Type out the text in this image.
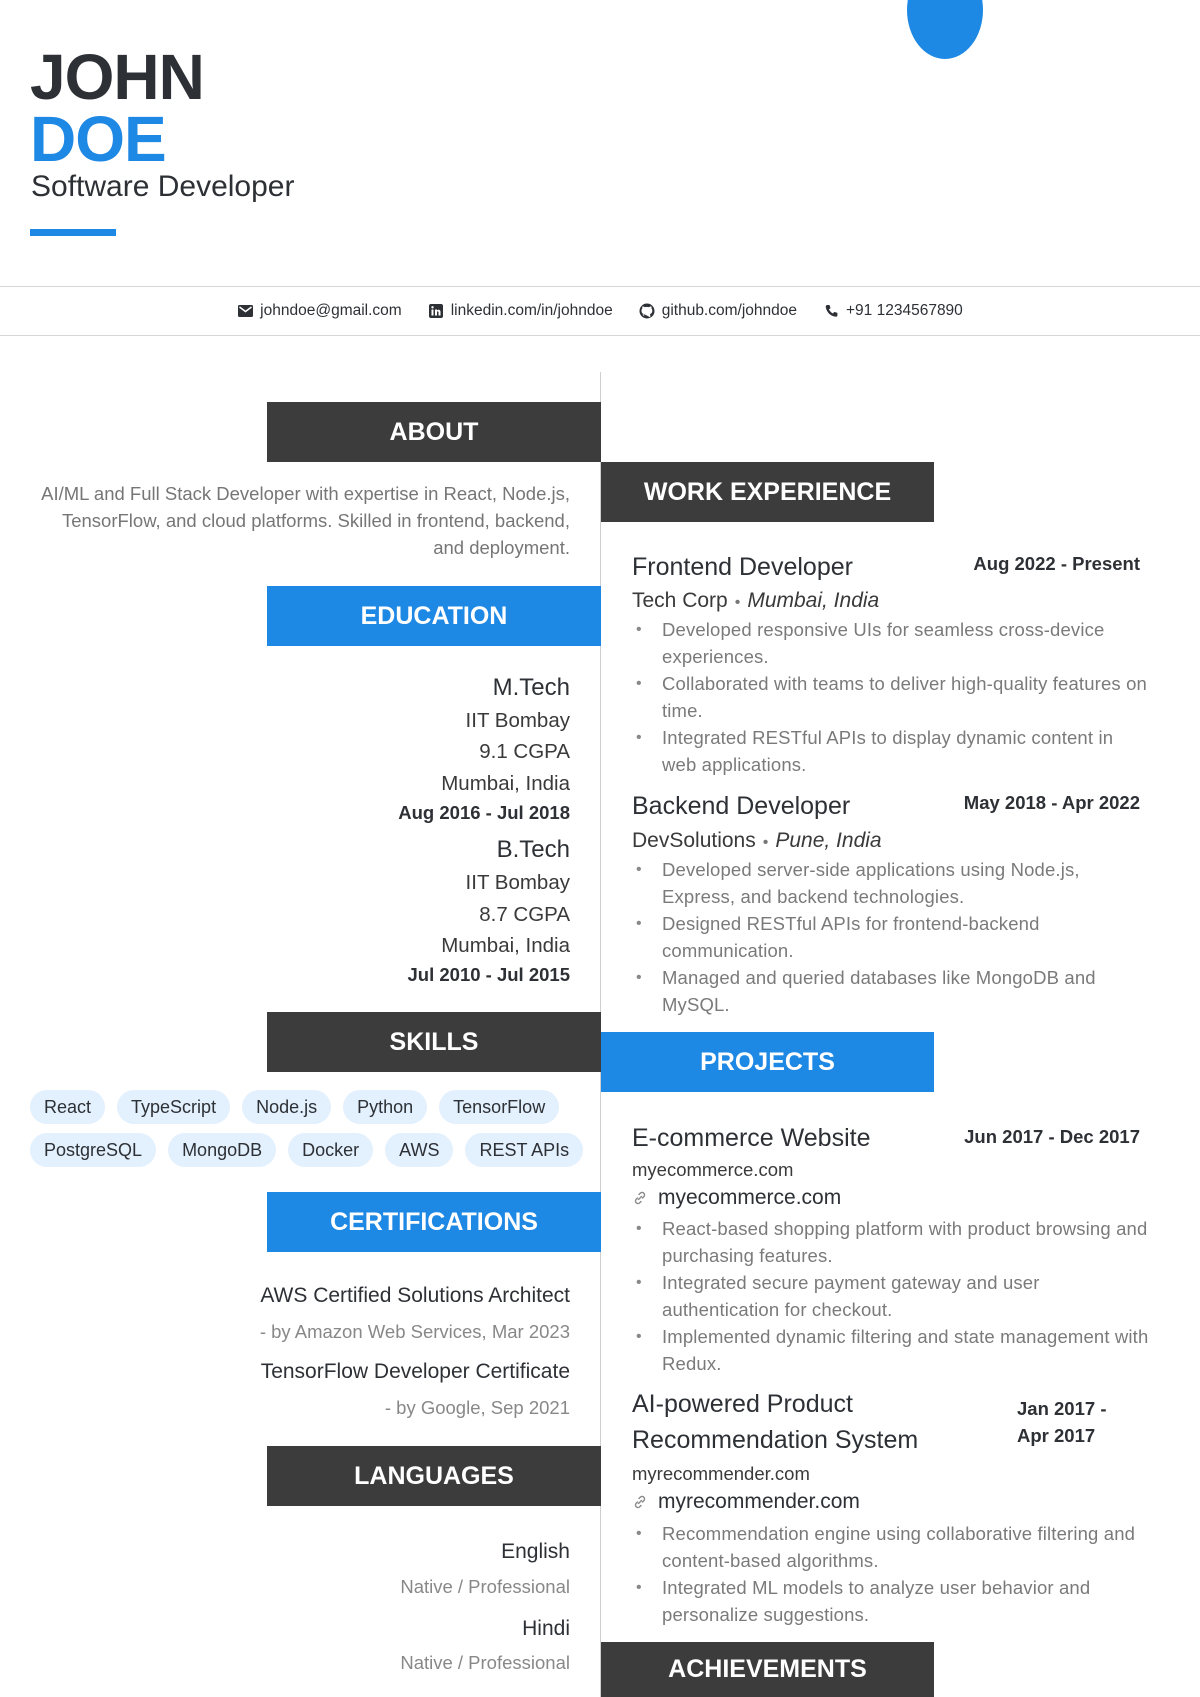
JOHN
DOE
Software Developer
johndoe@gmail.com	linkedin.com/in/johndoe	github.com/johndoe	+91 1234567890
ABOUT
AI/ML and Full Stack Developer with expertise in React, Node.js, TensorFlow, and cloud platforms. Skilled in frontend, backend, and deployment.
EDUCATION
M.Tech
IIT Bombay
9.1 CGPA
Mumbai, India
Aug 2016 - Jul 2018
B.Tech
IIT Bombay
8.7 CGPA
Mumbai, India
Jul 2010 - Jul 2015
SKILLS
React	TypeScript	Node.js	Python	TensorFlow
PostgreSQL	MongoDB	Docker	AWS	REST APIs
CERTIFICATIONS
AWS Certified Solutions Architect
- by Amazon Web Services, Mar 2023
TensorFlow Developer Certificate
- by Google, Sep 2021
LANGUAGES
English
Native / Professional
Hindi
Native / Professional
WORK EXPERIENCE
Frontend Developer	Aug 2022 - Present
Tech Corp • Mumbai, India
• Developed responsive UIs for seamless cross-device experiences.
• Collaborated with teams to deliver high-quality features on time.
• Integrated RESTful APIs to display dynamic content in web applications.
Backend Developer	May 2018 - Apr 2022
DevSolutions • Pune, India
• Developed server-side applications using Node.js, Express, and backend technologies.
• Designed RESTful APIs for frontend-backend communication.
• Managed and queried databases like MongoDB and MySQL.
PROJECTS
E-commerce Website	Jun 2017 - Dec 2017
myecommerce.com
myecommerce.com
• React-based shopping platform with product browsing and purchasing features.
• Integrated secure payment gateway and user authentication for checkout.
• Implemented dynamic filtering and state management with Redux.
AI-powered Product
Recommendation System
Jan 2017 -
Apr 2017
myrecommender.com
myrecommender.com
• Recommendation engine using collaborative filtering and content-based algorithms.
• Integrated ML models to analyze user behavior and personalize suggestions.
ACHIEVEMENTS
